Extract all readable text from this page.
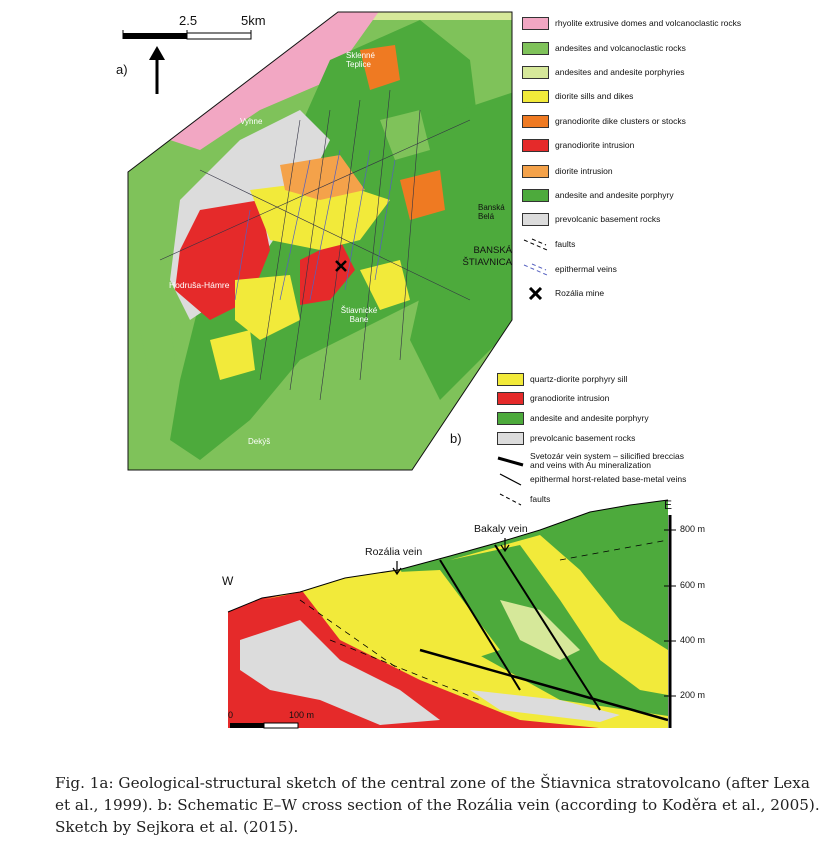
a)
2.5	5km
Sklenné Teplice
Vyhne
Banská Belá
BANSKÁ ŠTIAVNICA
Hodruša-Hámre
Štiavnické Bane
Dekýš
rhyolite extrusive domes and volcanoclastic rocks
andesites and volcanoclastic rocks
andesites and andesite porphyries
diorite sills and dikes
granodiorite dike clusters or stocks
granodiorite intrusion
diorite intrusion
andesite and andesite porphyry
prevolcanic basement rocks
faults
epithermal veins
Rozália mine
b)
quartz-diorite porphyry sill
granodiorite intrusion
andesite and andesite porphyry
prevolcanic basement rocks
Svetozár vein system – silicified breccias
and veins with Au mineralization
epithermal horst-related base-metal veins
faults
W
E
800 m
600 m
400 m
200 m
Rozália vein
Bakaly vein
0	100 m
Fig. 1a: Geological-structural sketch of the central zone of the Štiavnica stratovolcano (after Lexa
et al., 1999). b: Schematic E–W cross section of the Rozália vein (according to Koděra et al., 2005).
Sketch by Sejkora et al. (2015).
